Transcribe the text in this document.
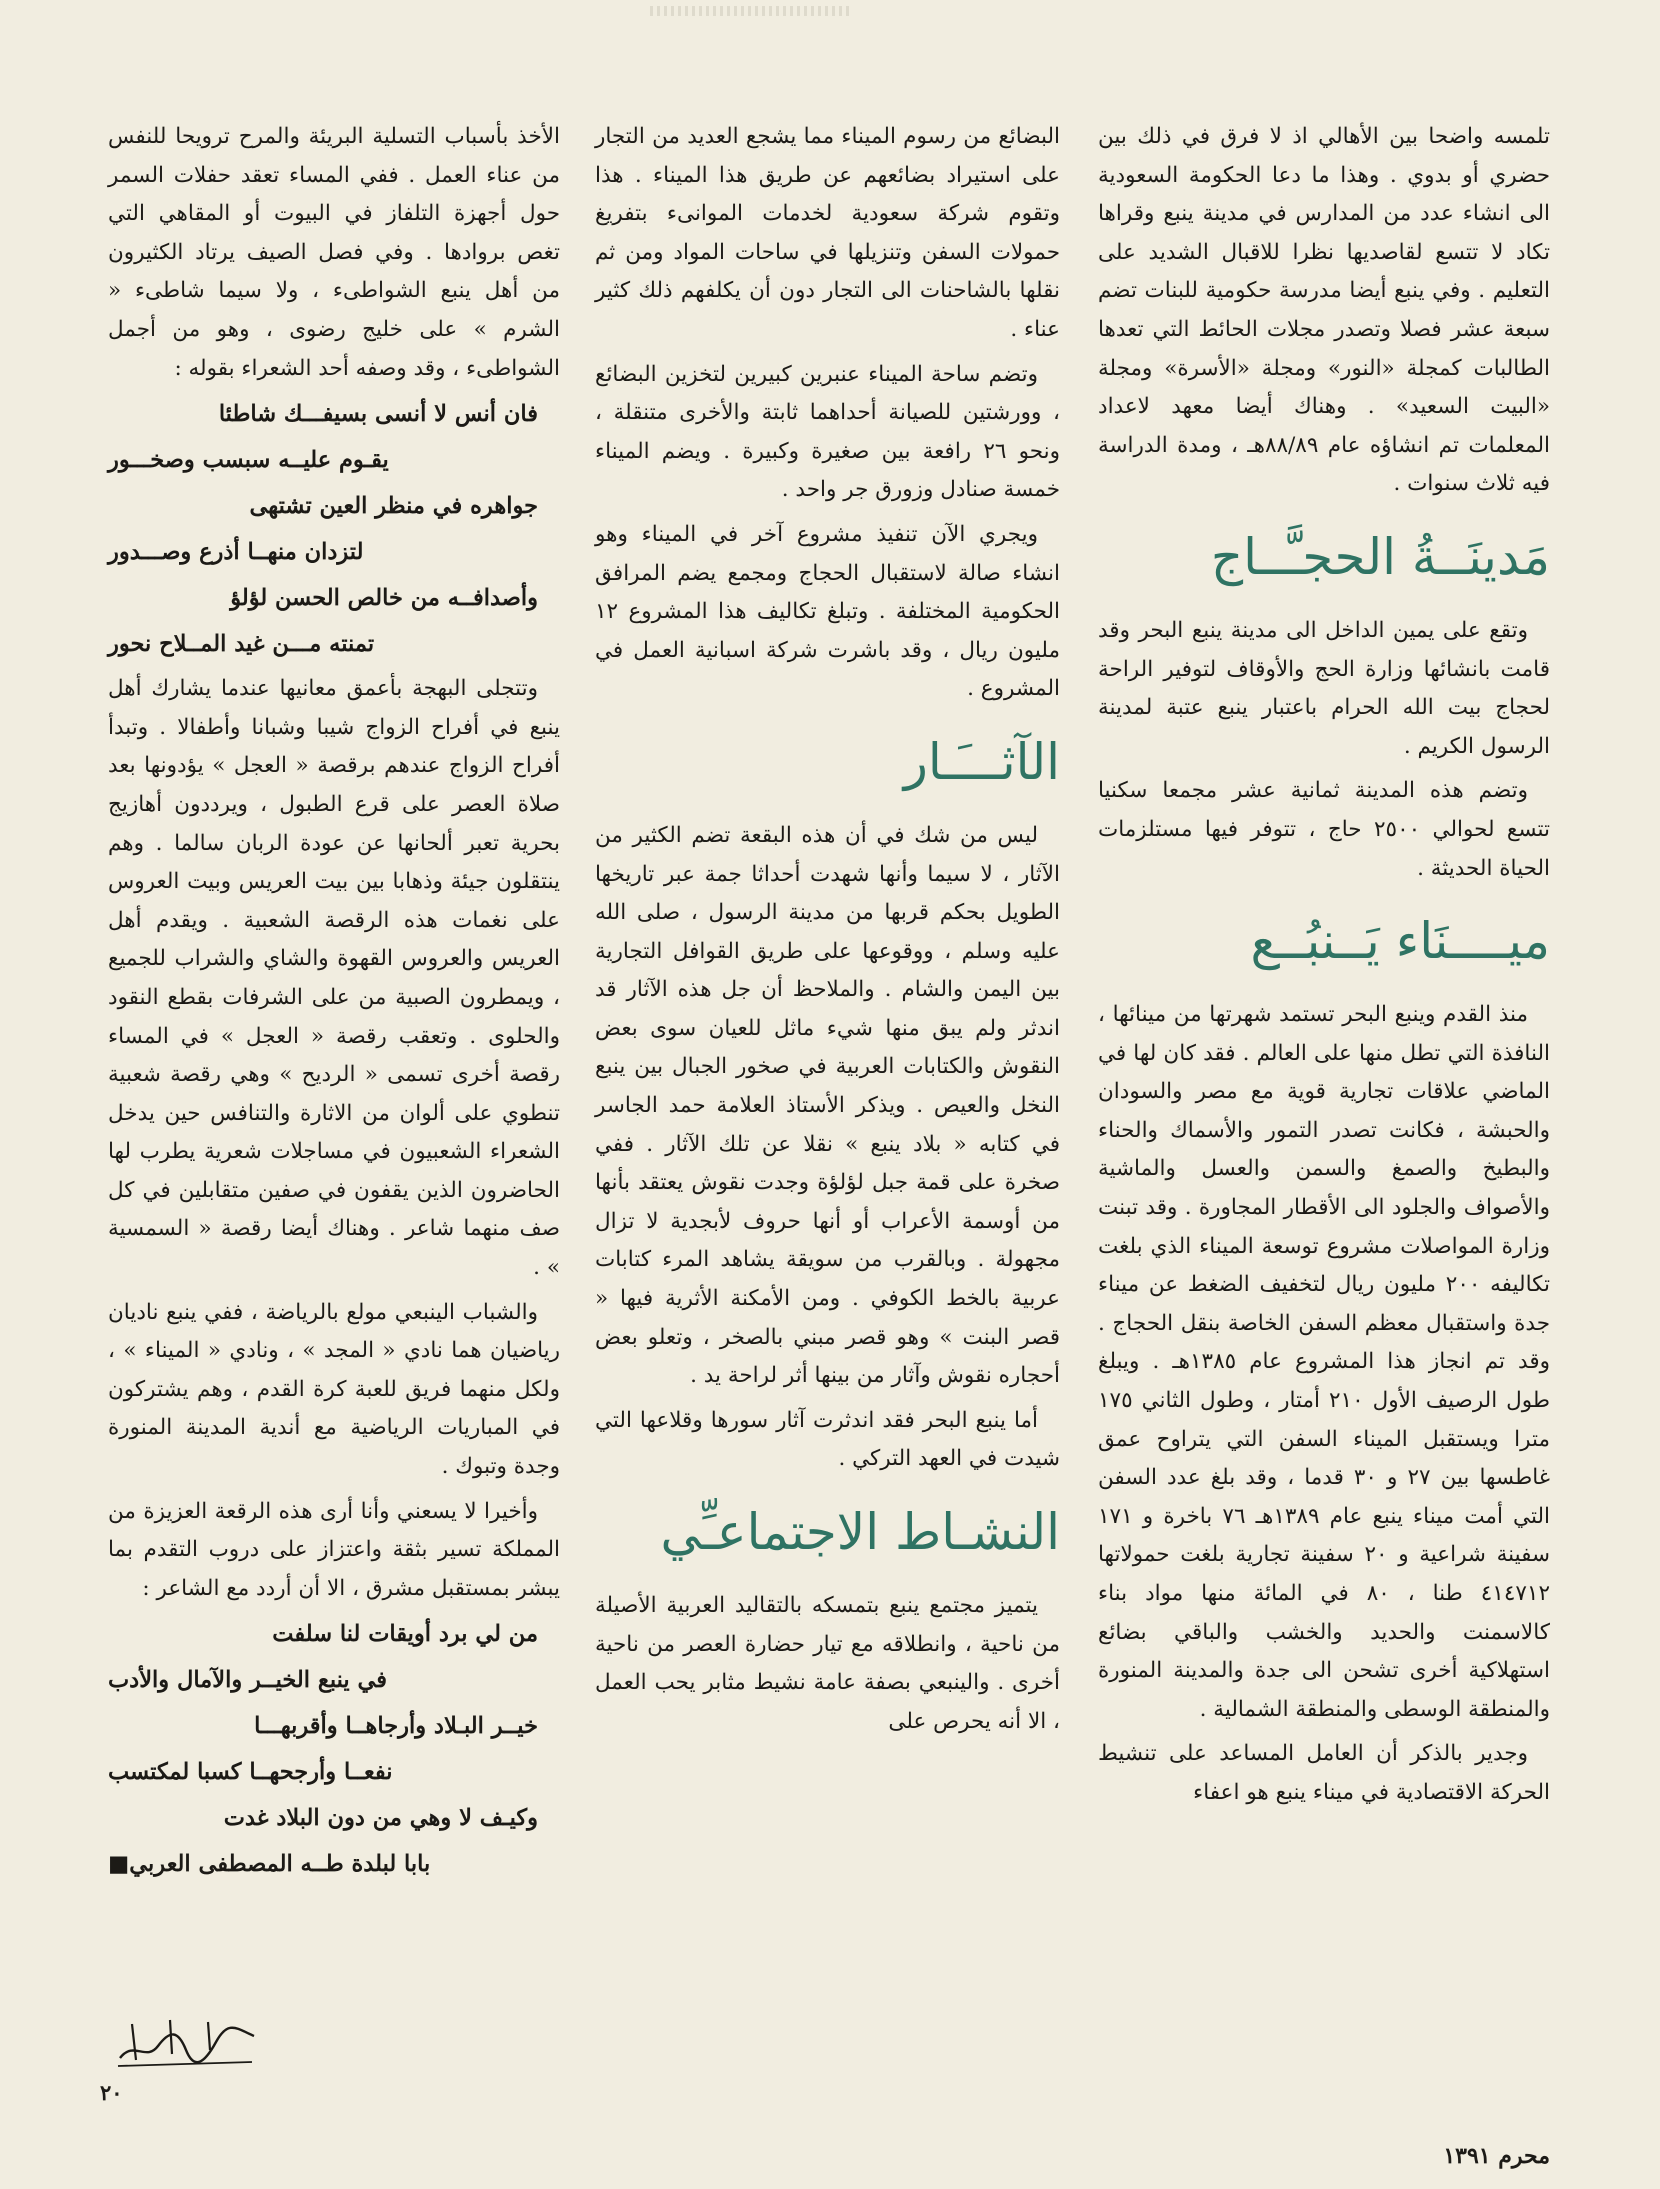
تلمسه واضحا بين الأهالي اذ لا فرق في ذلك بين حضري أو بدوي . وهذا ما دعا الحكومة السعودية الى انشاء عدد من المدارس في مدينة ينبع وقراها تكاد لا تتسع لقاصديها نظرا للاقبال الشديد على التعليم . وفي ينبع أيضا مدرسة حكومية للبنات تضم سبعة عشر فصلا وتصدر مجلات الحائط التي تعدها الطالبات كمجلة «النور» ومجلة «الأسرة» ومجلة «البيت السعيد» . وهناك أيضا معهد لاعداد المعلمات تم انشاؤه عام ٨٨/٨٩هـ ، ومدة الدراسة فيه ثلاث سنوات .

مَدينَــةُ الحجـَّــاج

وتقع على يمين الداخل الى مدينة ينبع البحر وقد قامت بانشائها وزارة الحج والأوقاف لتوفير الراحة لحجاج بيت الله الحرام باعتبار ينبع عتبة لمدينة الرسول الكريم .

وتضم هذه المدينة ثمانية عشر مجمعا سكنيا تتسع لحوالي ٢٥٠٠ حاج ، تتوفر فيها مستلزمات الحياة الحديثة .

ميــــنَاء يَــنبُــع

منذ القدم وينبع البحر تستمد شهرتها من مينائها ، النافذة التي تطل منها على العالم . فقد كان لها في الماضي علاقات تجارية قوية مع مصر والسودان والحبشة ، فكانت تصدر التمور والأسماك والحناء والبطيخ والصمغ والسمن والعسل والماشية والأصواف والجلود الى الأقطار المجاورة . وقد تبنت وزارة المواصلات مشروع توسعة الميناء الذي بلغت تكاليفه ٢٠٠ مليون ريال لتخفيف الضغط عن ميناء جدة واستقبال معظم السفن الخاصة بنقل الحجاج . وقد تم انجاز هذا المشروع عام ١٣٨٥هـ . ويبلغ طول الرصيف الأول ٢١٠ أمتار ، وطول الثاني ١٧٥ مترا ويستقبل الميناء السفن التي يتراوح عمق غاطسها بين ٢٧ و ٣٠ قدما ، وقد بلغ عدد السفن التي أمت ميناء ينبع عام ١٣٨٩هـ ٧٦ باخرة و ١٧١ سفينة شراعية و ٢٠ سفينة تجارية بلغت حمولاتها ٤١٤٧١٢ طنا ، ٨٠ في المائة منها مواد بناء كالاسمنت والحديد والخشب والباقي بضائع استهلاكية أخرى تشحن الى جدة والمدينة المنورة والمنطقة الوسطى والمنطقة الشمالية .

وجدير بالذكر أن العامل المساعد على تنشيط الحركة الاقتصادية في ميناء ينبع هو اعفاء

البضائع من رسوم الميناء مما يشجع العديد من التجار على استيراد بضائعهم عن طريق هذا الميناء . هذا وتقوم شركة سعودية لخدمات الموانىء بتفريغ حمولات السفن وتنزيلها في ساحات المواد ومن ثم نقلها بالشاحنات الى التجار دون أن يكلفهم ذلك كثير عناء .

وتضم ساحة الميناء عنبرين كبيرين لتخزين البضائع ، وورشتين للصيانة أحداهما ثابتة والأخرى متنقلة ، ونحو ٢٦ رافعة بين صغيرة وكبيرة . ويضم الميناء خمسة صنادل وزورق جر واحد .

ويجري الآن تنفيذ مشروع آخر في الميناء وهو انشاء صالة لاستقبال الحجاج ومجمع يضم المرافق الحكومية المختلفة . وتبلغ تكاليف هذا المشروع ١٢ مليون ريال ، وقد باشرت شركة اسبانية العمل في المشروع .

الآثـــَـار

ليس من شك في أن هذه البقعة تضم الكثير من الآثار ، لا سيما وأنها شهدت أحداثا جمة عبر تاريخها الطويل بحكم قربها من مدينة الرسول ، صلى الله عليه وسلم ، ووقوعها على طريق القوافل التجارية بين اليمن والشام . والملاحظ أن جل هذه الآثار قد اندثر ولم يبق منها شيء ماثل للعيان سوى بعض النقوش والكتابات العربية في صخور الجبال بين ينبع النخل والعيص . ويذكر الأستاذ العلامة حمد الجاسر في كتابه « بلاد ينبع » نقلا عن تلك الآثار . ففي صخرة على قمة جبل لؤلؤة وجدت نقوش يعتقد بأنها من أوسمة الأعراب أو أنها حروف لأبجدية لا تزال مجهولة . وبالقرب من سويقة يشاهد المرء كتابات عربية بالخط الكوفي . ومن الأمكنة الأثرية فيها « قصر البنت » وهو قصر مبني بالصخر ، وتعلو بعض أحجاره نقوش وآثار من بينها أثر لراحة يد .

أما ينبع البحر فقد اندثرت آثار سورها وقلاعها التي شيدت في العهد التركي .

النشـاط الاجتماعـِّي

يتميز مجتمع ينبع بتمسكه بالتقاليد العربية الأصيلة من ناحية ، وانطلاقه مع تيار حضارة العصر من ناحية أخرى . والينبعي بصفة عامة نشيط مثابر يحب العمل ، الا أنه يحرص على

الأخذ بأسباب التسلية البريئة والمرح ترويحا للنفس من عناء العمل . ففي المساء تعقد حفلات السمر حول أجهزة التلفاز في البيوت أو المقاهي التي تغص بروادها . وفي فصل الصيف يرتاد الكثيرون من أهل ينبع الشواطىء ، ولا سيما شاطىء « الشرم » على خليج رضوى ، وهو من أجمل الشواطىء ، وقد وصفه أحد الشعراء بقوله :

فان أنس لا أنسى بسيفـــك شاطئا

يقـوم عليــه سبسب وصخـــور

جواهره في منظر العين تشتهى

لتزدان منهــا أذرع وصـــدور

وأصدافــه من خالص الحسن لؤلؤ

تمنته مـــن غيد المــلاح نحور

وتتجلى البهجة بأعمق معانيها عندما يشارك أهل ينبع في أفراح الزواج شيبا وشبانا وأطفالا . وتبدأ أفراح الزواج عندهم برقصة « العجل » يؤدونها بعد صلاة العصر على قرع الطبول ، ويرددون أهازيج بحرية تعبر ألحانها عن عودة الربان سالما . وهم ينتقلون جيئة وذهابا بين بيت العريس وبيت العروس على نغمات هذه الرقصة الشعبية . ويقدم أهل العريس والعروس القهوة والشاي والشراب للجميع ، ويمطرون الصبية من على الشرفات بقطع النقود والحلوى . وتعقب رقصة « العجل » في المساء رقصة أخرى تسمى « الرديح » وهي رقصة شعبية تنطوي على ألوان من الاثارة والتنافس حين يدخل الشعراء الشعبيون في مساجلات شعرية يطرب لها الحاضرون الذين يقفون في صفين متقابلين في كل صف منهما شاعر . وهناك أيضا رقصة « السمسية » .

والشباب الينبعي مولع بالرياضة ، ففي ينبع ناديان رياضيان هما نادي « المجد » ، ونادي « الميناء » ، ولكل منهما فريق للعبة كرة القدم ، وهم يشتركون في المباريات الرياضية مع أندية المدينة المنورة وجدة وتبوك .

وأخيرا لا يسعني وأنا أرى هذه الرقعة العزيزة من المملكة تسير بثقة واعتزاز على دروب التقدم بما يبشر بمستقبل مشرق ، الا أن أردد مع الشاعر :

من لي برد أويقات لنا سلفت

في ينبع الخيــر والآمال والأدب

خيــر البـلاد وأرجاهــا وأقربهـــا

نفعــا وأرجحهــا كسبا لمكتسب

وكيـف لا وهي من دون البلاد غدت

بابا لبلدة طــه المصطفى العربي■

٢٠
محرم ١٣٩١
